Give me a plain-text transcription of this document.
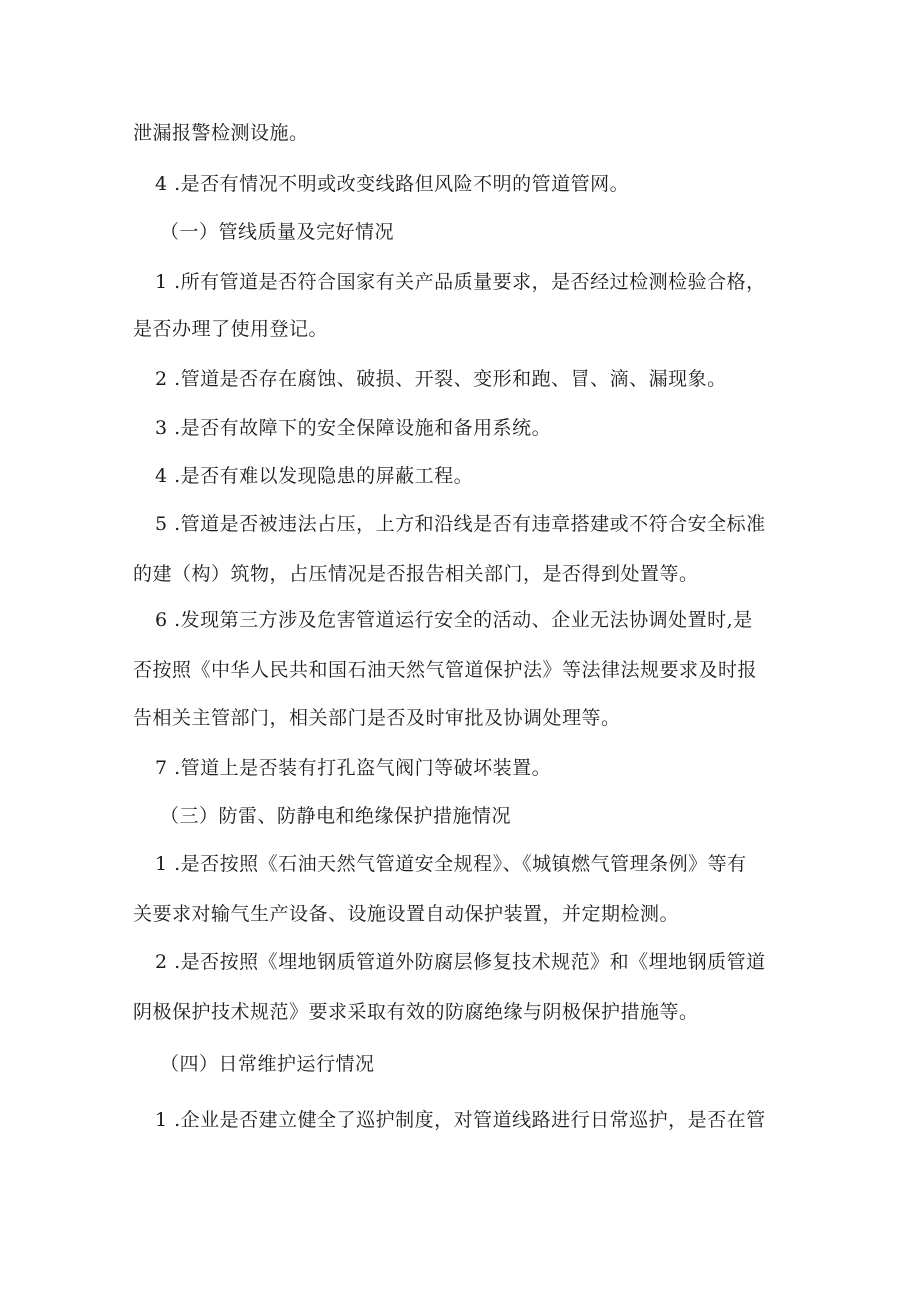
泄漏报警检测设施。
4 .是否有情况不明或改变线路但风险不明的管道管网。
（一）管线质量及完好情况
1 .所有管道是否符合国家有关产品质量要求，是否经过检测检验合格，
是否办理了使用登记。
2 .管道是否存在腐蚀、破损、开裂、变形和跑、冒、滴、漏现象。
3 .是否有故障下的安全保障设施和备用系统。
4 .是否有难以发现隐患的屏蔽工程。
5 .管道是否被违法占压，上方和沿线是否有违章搭建或不符合安全标准
的建（构）筑物，占压情况是否报告相关部门，是否得到处置等。
6 .发现第三方涉及危害管道运行安全的活动、企业无法协调处置时,是
否按照《中华人民共和国石油天然气管道保护法》等法律法规要求及时报
告相关主管部门，相关部门是否及时审批及协调处理等。
7 .管道上是否装有打孔盗气阀门等破坏装置。
（三）防雷、防静电和绝缘保护措施情况
1 .是否按照《石油天然气管道安全规程》、《城镇燃气管理条例》等有
关要求对输气生产设备、设施设置自动保护装置，并定期检测。
2 .是否按照《埋地钢质管道外防腐层修复技术规范》和《埋地钢质管道
阴极保护技术规范》要求采取有效的防腐绝缘与阴极保护措施等。
（四）日常维护运行情况
1 .企业是否建立健全了巡护制度，对管道线路进行日常巡护，是否在管
